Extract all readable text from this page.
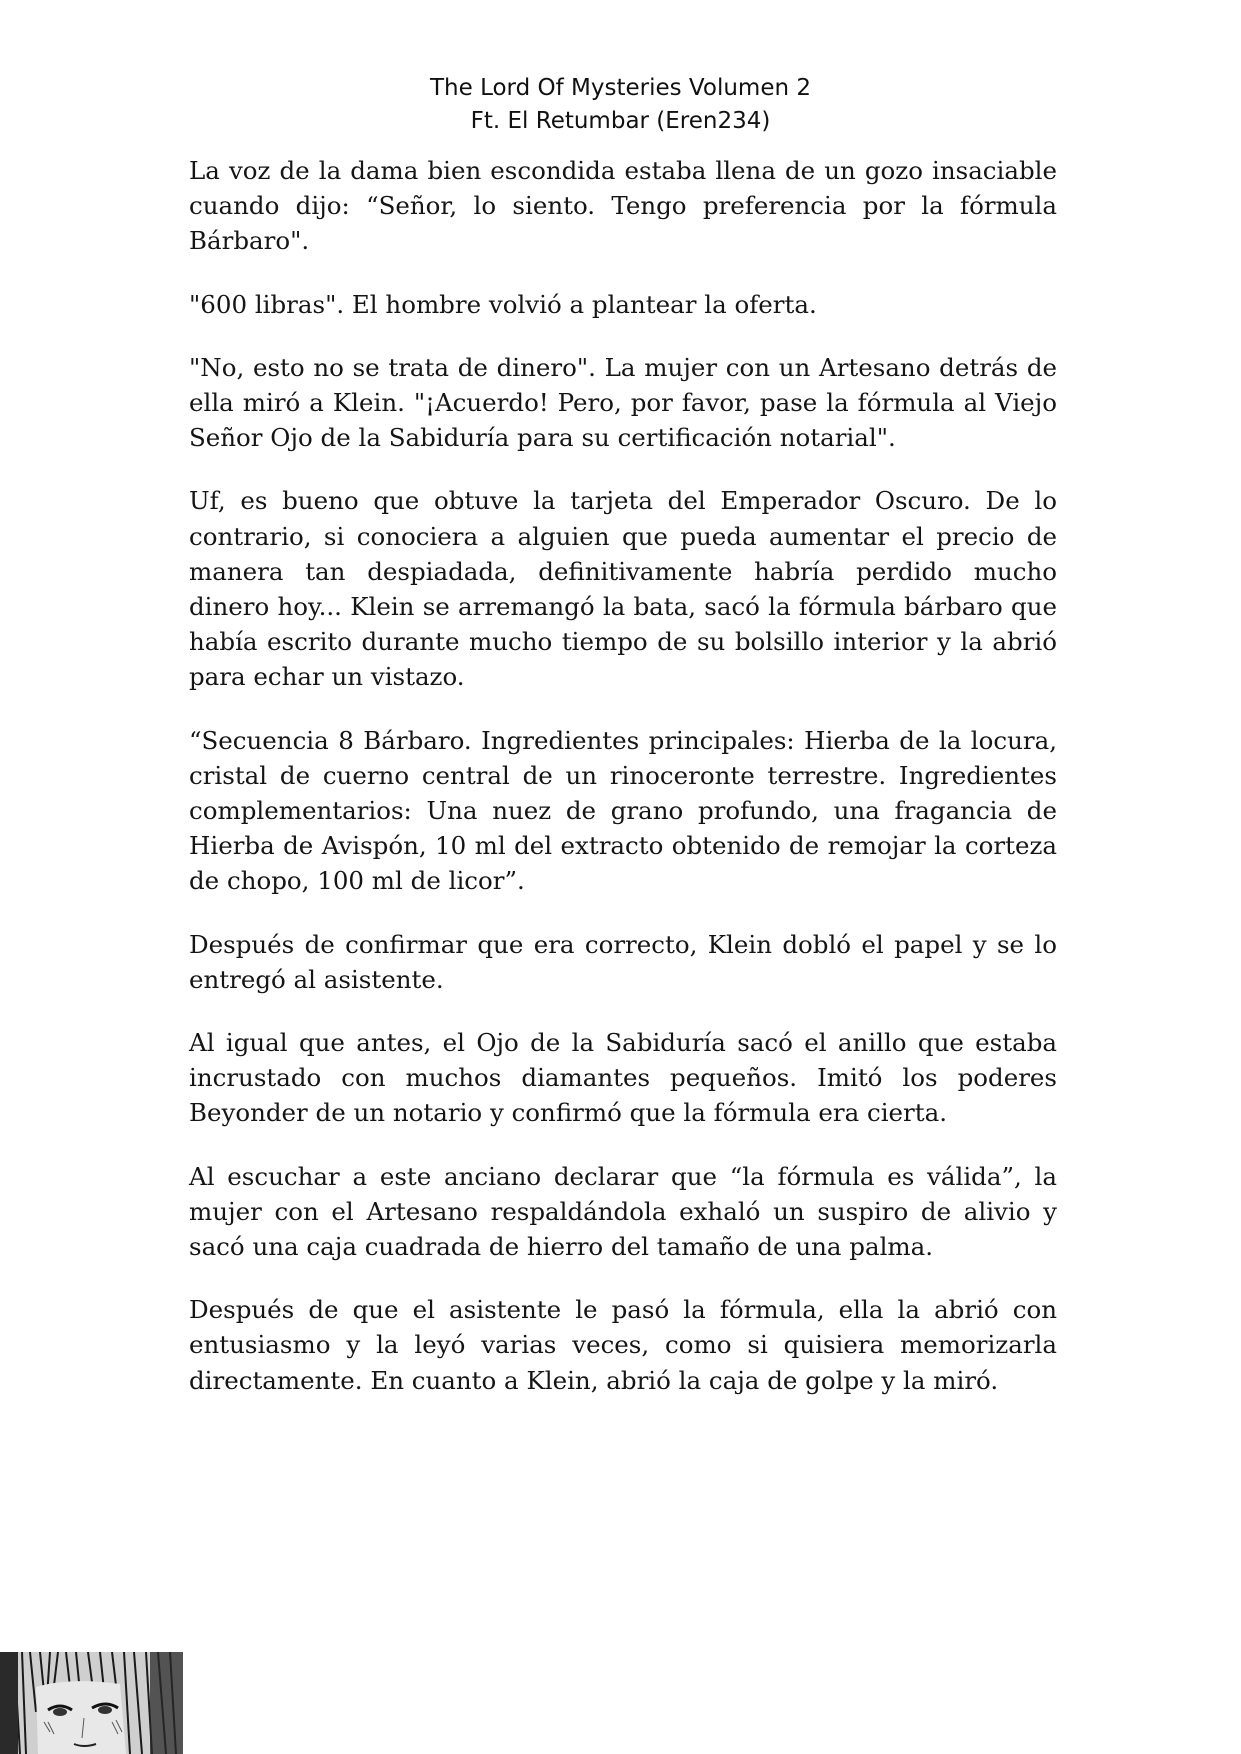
The Lord Of Mysteries Volumen 2
Ft. El Retumbar (Eren234)

La voz de la dama bien escondida estaba llena de un gozo insaciable cuando dijo: “Señor, lo siento. Tengo preferencia por la fórmula Bárbaro".

"600 libras". El hombre volvió a plantear la oferta.

"No, esto no se trata de dinero". La mujer con un Artesano detrás de ella miró a Klein. "¡Acuerdo! Pero, por favor, pase la fórmula al Viejo Señor Ojo de la Sabiduría para su certificación notarial".

Uf, es bueno que obtuve la tarjeta del Emperador Oscuro. De lo contrario, si conociera a alguien que pueda aumentar el precio de manera tan despiadada, definitivamente habría perdido mucho dinero hoy... Klein se arremangó la bata, sacó la fórmula bárbaro que había escrito durante mucho tiempo de su bolsillo interior y la abrió para echar un vistazo.

“Secuencia 8 Bárbaro. Ingredientes principales: Hierba de la locura, cristal de cuerno central de un rinoceronte terrestre. Ingredientes complementarios: Una nuez de grano profundo, una fragancia de Hierba de Avispón, 10 ml del extracto obtenido de remojar la corteza de chopo, 100 ml de licor”.

Después de confirmar que era correcto, Klein dobló el papel y se lo entregó al asistente.

Al igual que antes, el Ojo de la Sabiduría sacó el anillo que estaba incrustado con muchos diamantes pequeños. Imitó los poderes Beyonder de un notario y confirmó que la fórmula era cierta.

Al escuchar a este anciano declarar que “la fórmula es válida”, la mujer con el Artesano respaldándola exhaló un suspiro de alivio y sacó una caja cuadrada de hierro del tamaño de una palma.

Después de que el asistente le pasó la fórmula, ella la abrió con entusiasmo y la leyó varias veces, como si quisiera memorizarla directamente. En cuanto a Klein, abrió la caja de golpe y la miró.
